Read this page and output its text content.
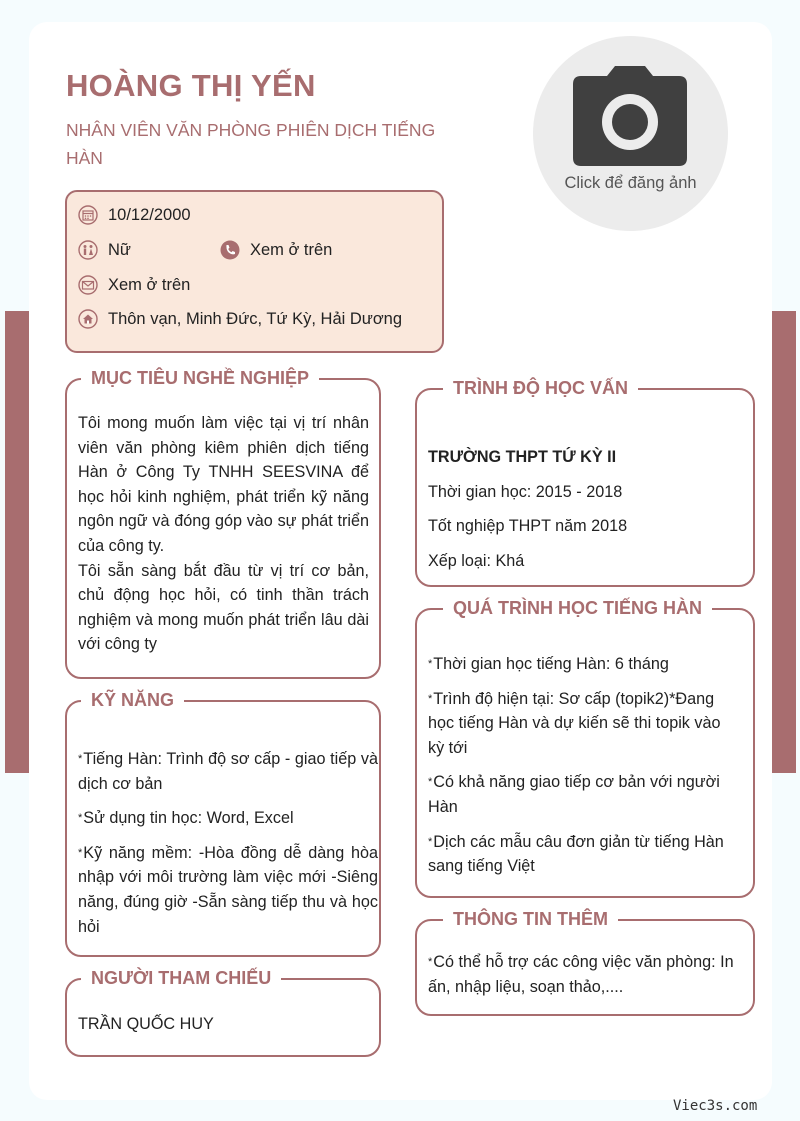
HOÀNG THỊ YẾN
NHÂN VIÊN VĂN PHÒNG PHIÊN DỊCH TIẾNG HÀN
Click để đăng ảnh
10/12/2000
Nữ	Xem ở trên
Xem ở trên
Thôn vạn, Minh Đức, Tứ Kỳ, Hải Dương
MỤC TIÊU NGHỀ NGHIỆP

Tôi mong muốn làm việc tại vị trí nhân viên văn phòng kiêm phiên dịch tiếng Hàn ở Công Ty TNHH SEESVINA để học hỏi kinh nghiệm, phát triển kỹ năng ngôn ngữ và đóng góp vào sự phát triển của công ty.

Tôi sẵn sàng bắt đầu từ vị trí cơ bản, chủ động học hỏi, có tinh thần trách nghiệm và mong muốn phát triển lâu dài với công ty

KỸ NĂNG

*Tiếng Hàn: Trình độ sơ cấp - giao tiếp và dịch cơ bản

*Sử dụng tin học: Word, Excel

*Kỹ năng mềm: -Hòa đồng dễ dàng hòa nhập với môi trường làm việc mới -Siêng năng, đúng giờ -Sẵn sàng tiếp thu và học hỏi

NGƯỜI THAM CHIẾU

TRẦN QUỐC HUY

TRÌNH ĐỘ HỌC VẤN

TRƯỜNG THPT TỨ KỲ II

Thời gian học: 2015 - 2018

Tốt nghiệp THPT năm 2018

Xếp loại: Khá

QUÁ TRÌNH HỌC TIẾNG HÀN

*Thời gian học tiếng Hàn: 6 tháng

*Trình độ hiện tại: Sơ cấp (topik2)*Đang học tiếng Hàn và dự kiến sẽ thi topik vào kỳ tới

*Có khả năng giao tiếp cơ bản với người Hàn

*Dịch các mẫu câu đơn giản từ tiếng Hàn sang tiếng Việt

THÔNG TIN THÊM

*Có thể hỗ trợ các công việc văn phòng: In ấn, nhập liệu, soạn thảo,....

Viec3s.com
